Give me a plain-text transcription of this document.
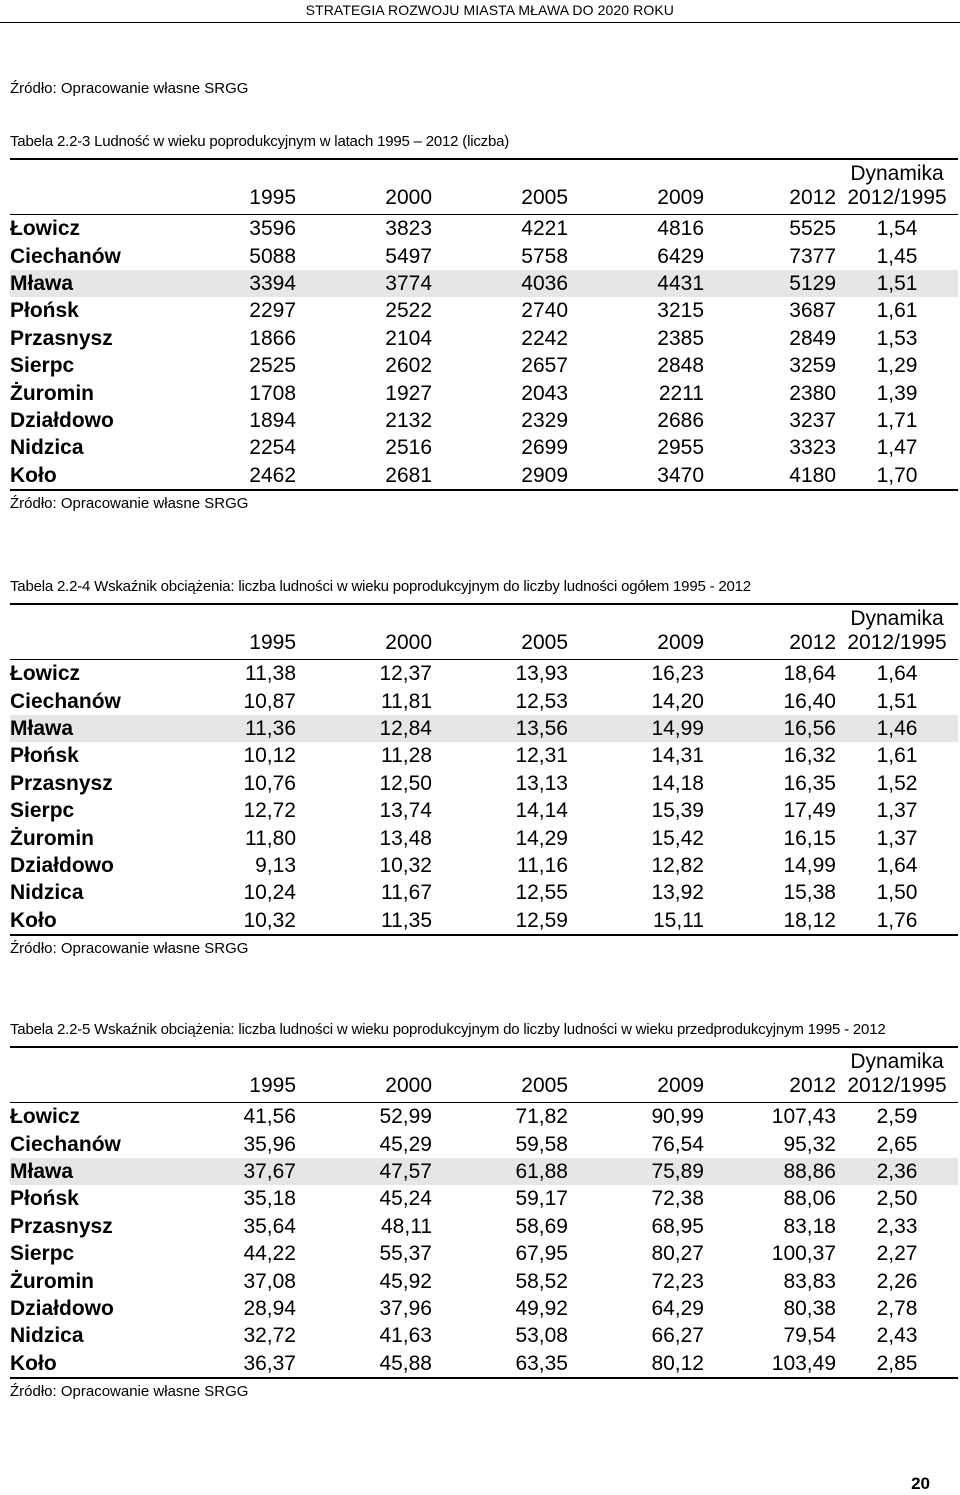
STRATEGIA ROZWOJU MIASTA MŁAWA DO 2020 ROKU
Źródło: Opracowanie własne SRGG
Tabela 2.2-3 Ludność w wieku poprodukcyjnym w latach 1995 – 2012 (liczba)
	1995	2000	2005	2009	2012	Dynamika
2012/1995
Łowicz	3596	3823	4221	4816	5525	1,54
Ciechanów	5088	5497	5758	6429	7377	1,45
Mława	3394	3774	4036	4431	5129	1,51
Płońsk	2297	2522	2740	3215	3687	1,61
Przasnysz	1866	2104	2242	2385	2849	1,53
Sierpc	2525	2602	2657	2848	3259	1,29
Żuromin	1708	1927	2043	2211	2380	1,39
Działdowo	1894	2132	2329	2686	3237	1,71
Nidzica	2254	2516	2699	2955	3323	1,47
Koło	2462	2681	2909	3470	4180	1,70
Źródło: Opracowanie własne SRGG
Tabela 2.2-4 Wskaźnik obciążenia: liczba ludności w wieku poprodukcyjnym do liczby ludności ogółem 1995 - 2012
	1995	2000	2005	2009	2012	Dynamika
2012/1995
Łowicz	11,38	12,37	13,93	16,23	18,64	1,64
Ciechanów	10,87	11,81	12,53	14,20	16,40	1,51
Mława	11,36	12,84	13,56	14,99	16,56	1,46
Płońsk	10,12	11,28	12,31	14,31	16,32	1,61
Przasnysz	10,76	12,50	13,13	14,18	16,35	1,52
Sierpc	12,72	13,74	14,14	15,39	17,49	1,37
Żuromin	11,80	13,48	14,29	15,42	16,15	1,37
Działdowo	9,13	10,32	11,16	12,82	14,99	1,64
Nidzica	10,24	11,67	12,55	13,92	15,38	1,50
Koło	10,32	11,35	12,59	15,11	18,12	1,76
Źródło: Opracowanie własne SRGG
Tabela 2.2-5 Wskaźnik obciążenia: liczba ludności w wieku poprodukcyjnym do liczby ludności w wieku przedprodukcyjnym 1995 - 2012
	1995	2000	2005	2009	2012	Dynamika
2012/1995
Łowicz	41,56	52,99	71,82	90,99	107,43	2,59
Ciechanów	35,96	45,29	59,58	76,54	95,32	2,65
Mława	37,67	47,57	61,88	75,89	88,86	2,36
Płońsk	35,18	45,24	59,17	72,38	88,06	2,50
Przasnysz	35,64	48,11	58,69	68,95	83,18	2,33
Sierpc	44,22	55,37	67,95	80,27	100,37	2,27
Żuromin	37,08	45,92	58,52	72,23	83,83	2,26
Działdowo	28,94	37,96	49,92	64,29	80,38	2,78
Nidzica	32,72	41,63	53,08	66,27	79,54	2,43
Koło	36,37	45,88	63,35	80,12	103,49	2,85
Źródło: Opracowanie własne SRGG
20
